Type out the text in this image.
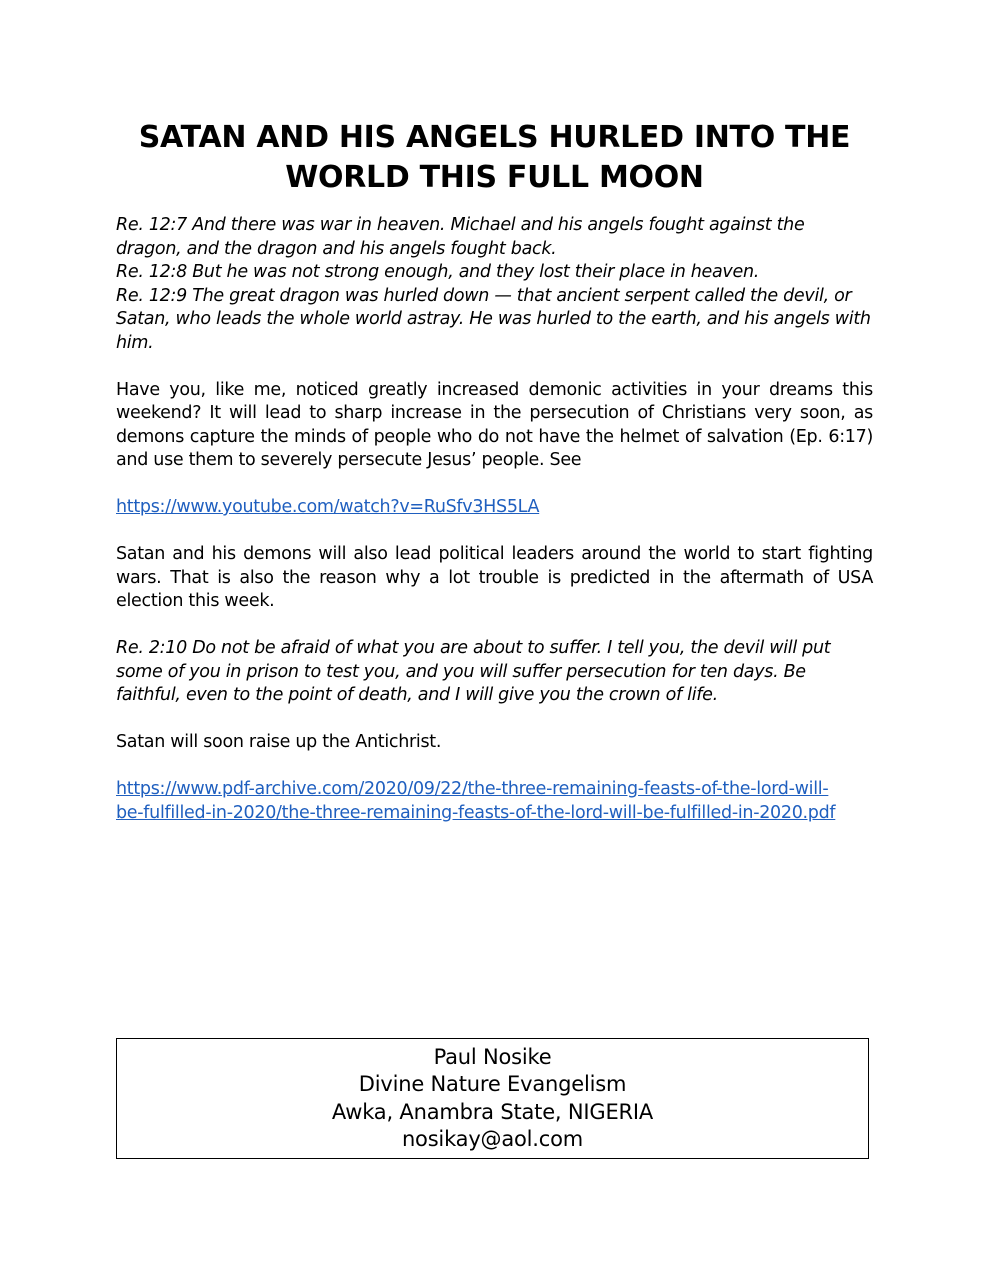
SATAN AND HIS ANGELS HURLED INTO THE WORLD THIS FULL MOON

Re. 12:7 And there was war in heaven. Michael and his angels fought against the dragon, and the dragon and his angels fought back.

Re. 12:8 But he was not strong enough, and they lost their place in heaven.

Re. 12:9 The great dragon was hurled down — that ancient serpent called the devil, or Satan, who leads the whole world astray. He was hurled to the earth, and his angels with him.

Have you, like me, noticed greatly increased demonic activities in your dreams this weekend? It will lead to sharp increase in the persecution of Christians very soon, as demons capture the minds of people who do not have the helmet of salvation (Ep. 6:17) and use them to severely persecute Jesus’ people. See

https://www.youtube.com/watch?v=RuSfv3HS5LA

Satan and his demons will also lead political leaders around the world to start fighting wars. That is also the reason why a lot trouble is predicted in the aftermath of USA election this week.

Re. 2:10 Do not be afraid of what you are about to suffer. I tell you, the devil will put some of you in prison to test you, and you will suffer persecution for ten days. Be faithful, even to the point of death, and I will give you the crown of life.

Satan will soon raise up the Antichrist.

https://www.pdf-archive.com/2020/09/22/the-three-remaining-feasts-of-the-lord-will-
be-fulfilled-in-2020/the-three-remaining-feasts-of-the-lord-will-be-fulfilled-in-2020.pdf
Paul Nosike
Divine Nature Evangelism
Awka, Anambra State, NIGERIA
nosikay@aol.com
